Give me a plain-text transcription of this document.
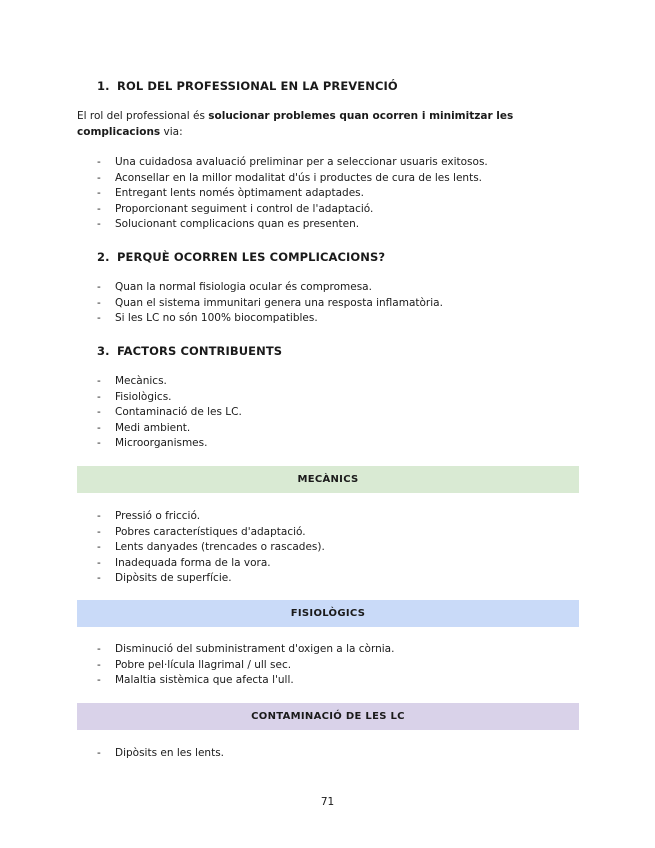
1. ROL DEL PROFESSIONAL EN LA PREVENCIÓ
El rol del professional és solucionar problemes quan ocorren i minimitzar les complicacions via:
- Una cuidadosa avaluació preliminar per a seleccionar usuaris exitosos.
- Aconsellar en la millor modalitat d'ús i productes de cura de les lents.
- Entregant lents només òptimament adaptades.
- Proporcionant seguiment i control de l'adaptació.
- Solucionant complicacions quan es presenten.
2. PERQUÈ OCORREN LES COMPLICACIONS?
- Quan la normal fisiologia ocular és compromesa.
- Quan el sistema immunitari genera una resposta inflamatòria.
- Si les LC no són 100% biocompatibles.
3. FACTORS CONTRIBUENTS
- Mecànics.
- Fisiològics.
- Contaminació de les LC.
- Medi ambient.
- Microorganismes.
MECÀNICS
- Pressió o fricció.
- Pobres característiques d'adaptació.
- Lents danyades (trencades o rascades).
- Inadequada forma de la vora.
- Dipòsits de superfície.
FISIOLÒGICS
- Disminució del subministrament d'oxigen a la còrnia.
- Pobre pel·lícula llagrimal / ull sec.
- Malaltia sistèmica que afecta l'ull.
CONTAMINACIÓ DE LES LC
- Dipòsits en les lents.
71
